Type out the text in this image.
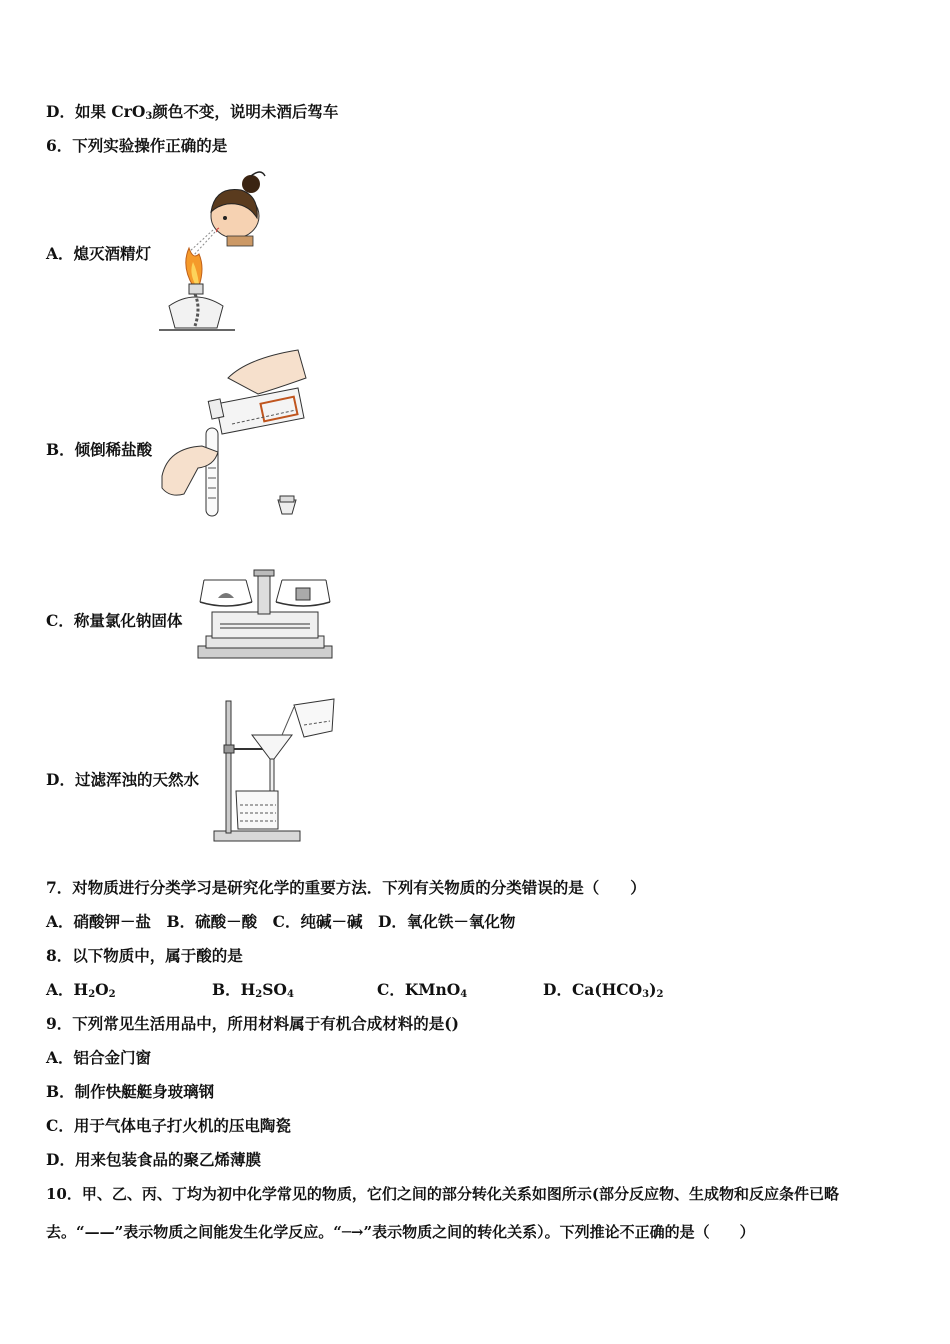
D．如果 CrO$_3$颜色不变，说明未酒后驾车
6．下列实验操作正确的是
A．熄灭酒精灯
B．倾倒稀盐酸
C．称量氯化钠固体
D．过滤浑浊的天然水
7．对物质进行分类学习是研究化学的重要方法．下列有关物质的分类错误的是（　　）
A．硝酸钾－盐　B．硫酸－酸　C．纯碱－碱　D．氧化铁－氧化物
8．以下物质中，属于酸的是
A．$H_2O_2$	B．$H_2SO_4$	C．KMnO$_4$	D．$Ca(HCO_3)_2$
9．下列常见生活用品中，所用材料属于有机合成材料的是()
A．铝合金门窗
B．制作快艇艇身玻璃钢
C．用于气体电子打火机的压电陶瓷
D．用来包装食品的聚乙烯薄膜
10．甲、乙、丙、丁均为初中化学常见的物质，它们之间的部分转化关系如图所示(部分反应物、生成物和反应条件已略
去。“——”表示物质之间能发生化学反应。“─→”表示物质之间的转化关系）。下列推论不正确的是（　　）
